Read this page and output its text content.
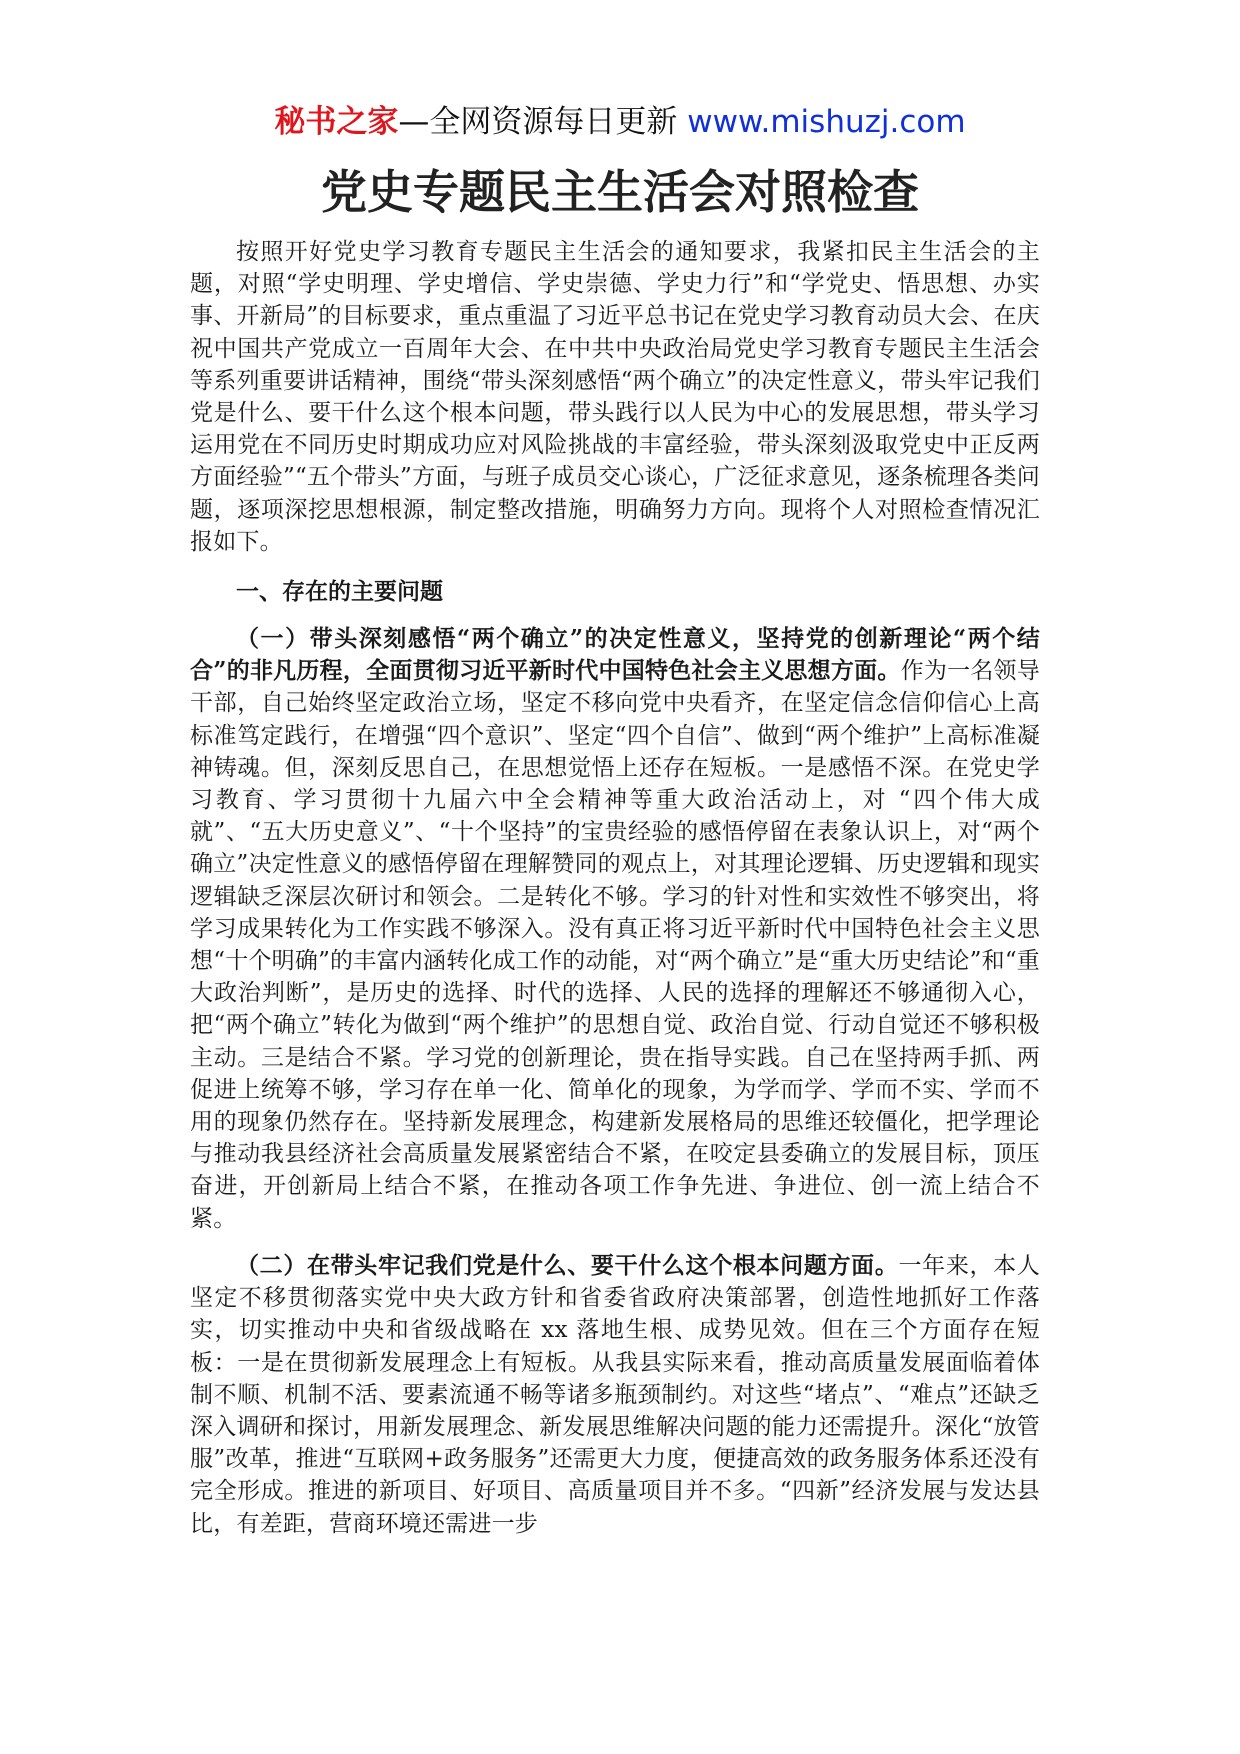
秘书之家—全网资源每日更新 www.mishuzj.com
党史专题民主生活会对照检查

按照开好党史学习教育专题民主生活会的通知要求，我紧扣民主生活会的主题，对照“学史明理、学史增信、学史崇德、学史力行”和“学党史、悟思想、办实事、开新局”的目标要求，重点重温了习近平总书记在党史学习教育动员大会、在庆祝中国共产党成立一百周年大会、在中共中央政治局党史学习教育专题民主生活会等系列重要讲话精神，围绕“带头深刻感悟“两个确立”的决定性意义，带头牢记我们党是什么、要干什么这个根本问题，带头践行以人民为中心的发展思想，带头学习运用党在不同历史时期成功应对风险挑战的丰富经验，带头深刻汲取党史中正反两方面经验”“五个带头”方面，与班子成员交心谈心，广泛征求意见，逐条梳理各类问题，逐项深挖思想根源，制定整改措施，明确努力方向。现将个人对照检查情况汇报如下。

一、存在的主要问题

（一）带头深刻感悟“两个确立”的决定性意义，坚持党的创新理论“两个结合”的非凡历程，全面贯彻习近平新时代中国特色社会主义思想方面。作为一名领导干部，自己始终坚定政治立场，坚定不移向党中央看齐，在坚定信念信仰信心上高标准笃定践行，在增强“四个意识”、坚定“四个自信”、做到“两个维护”上高标准凝神铸魂。但，深刻反思自己，在思想觉悟上还存在短板。一是感悟不深。在党史学习教育、学习贯彻十九届六中全会精神等重大政治活动上，对 “四个伟大成就”、“五大历史意义”、“十个坚持”的宝贵经验的感悟停留在表象认识上，对“两个确立”决定性意义的感悟停留在理解赞同的观点上，对其理论逻辑、历史逻辑和现实逻辑缺乏深层次研讨和领会。二是转化不够。学习的针对性和实效性不够突出，将学习成果转化为工作实践不够深入。没有真正将习近平新时代中国特色社会主义思想“十个明确”的丰富内涵转化成工作的动能，对“两个确立”是“重大历史结论”和“重大政治判断”，是历史的选择、时代的选择、人民的选择的理解还不够通彻入心，把“两个确立”转化为做到“两个维护”的思想自觉、政治自觉、行动自觉还不够积极主动。三是结合不紧。学习党的创新理论，贵在指导实践。自己在坚持两手抓、两促进上统筹不够，学习存在单一化、简单化的现象，为学而学、学而不实、学而不用的现象仍然存在。坚持新发展理念，构建新发展格局的思维还较僵化，把学理论与推动我县经济社会高质量发展紧密结合不紧，在咬定县委确立的发展目标，顶压奋进，开创新局上结合不紧，在推动各项工作争先进、争进位、创一流上结合不紧。

（二）在带头牢记我们党是什么、要干什么这个根本问题方面。一年来，本人坚定不移贯彻落实党中央大政方针和省委省政府决策部署，创造性地抓好工作落实，切实推动中央和省级战略在 xx 落地生根、成势见效。但在三个方面存在短板：一是在贯彻新发展理念上有短板。从我县实际来看，推动高质量发展面临着体制不顺、机制不活、要素流通不畅等诸多瓶颈制约。对这些“堵点”、“难点”还缺乏深入调研和探讨，用新发展理念、新发展思维解决问题的能力还需提升。深化“放管服”改革，推进“互联网+政务服务”还需更大力度，便捷高效的政务服务体系还没有完全形成。推进的新项目、好项目、高质量项目并不多。“四新”经济发展与发达县比，有差距，营商环境还需进一步
